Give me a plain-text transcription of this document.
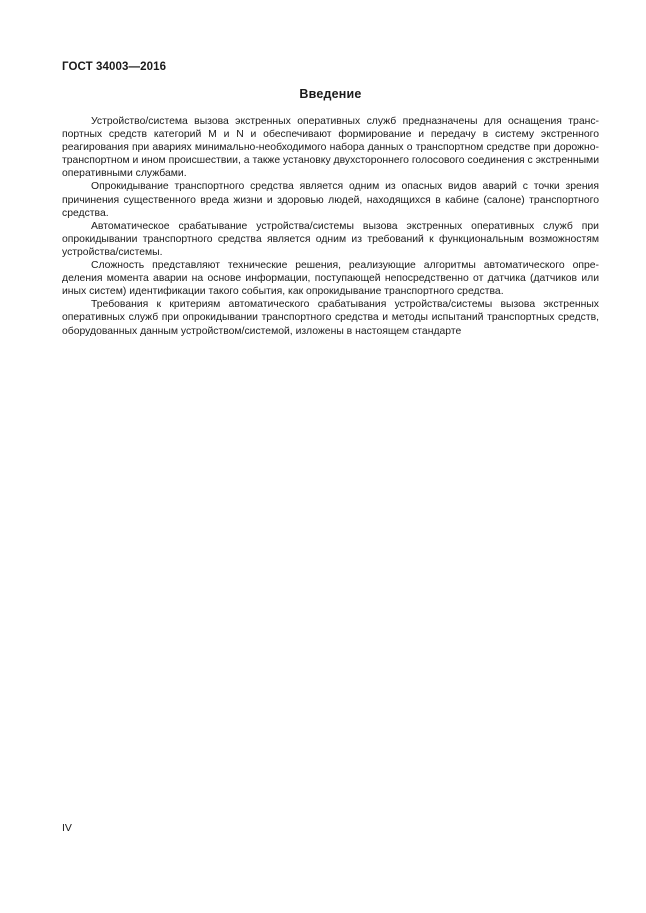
ГОСТ 34003—2016
Введение

Устройство/система вызова экстренных оперативных служб предназначены для оснащения транспортных средств категорий М и N и обеспечивают формирование и передачу в систему экстренного реагирования при авариях минимально-необходимого набора данных о транспортном средстве при дорожно-транспортном и ином происшествии, а также установку двухстороннего голосового соединения с экстренными оперативными службами.

Опрокидывание транспортного средства является одним из опасных видов аварий с точки зрения причинения существенного вреда жизни и здоровью людей, находящихся в кабине (салоне) транспортного средства.

Автоматическое срабатывание устройства/системы вызова экстренных оперативных служб при опрокидывании транспортного средства является одним из требований к функциональным возможностям устройства/системы.

Сложность представляют технические решения, реализующие алгоритмы автоматического определения момента аварии на основе информации, поступающей непосредственно от датчика (датчиков или иных систем) идентификации такого события, как опрокидывание транспортного средства.

Требования к критериям автоматического срабатывания устройства/системы вызова экстренных оперативных служб при опрокидывании транспортного средства и методы испытаний транспортных средств, оборудованных данным устройством/системой, изложены в настоящем стандарте

IV
